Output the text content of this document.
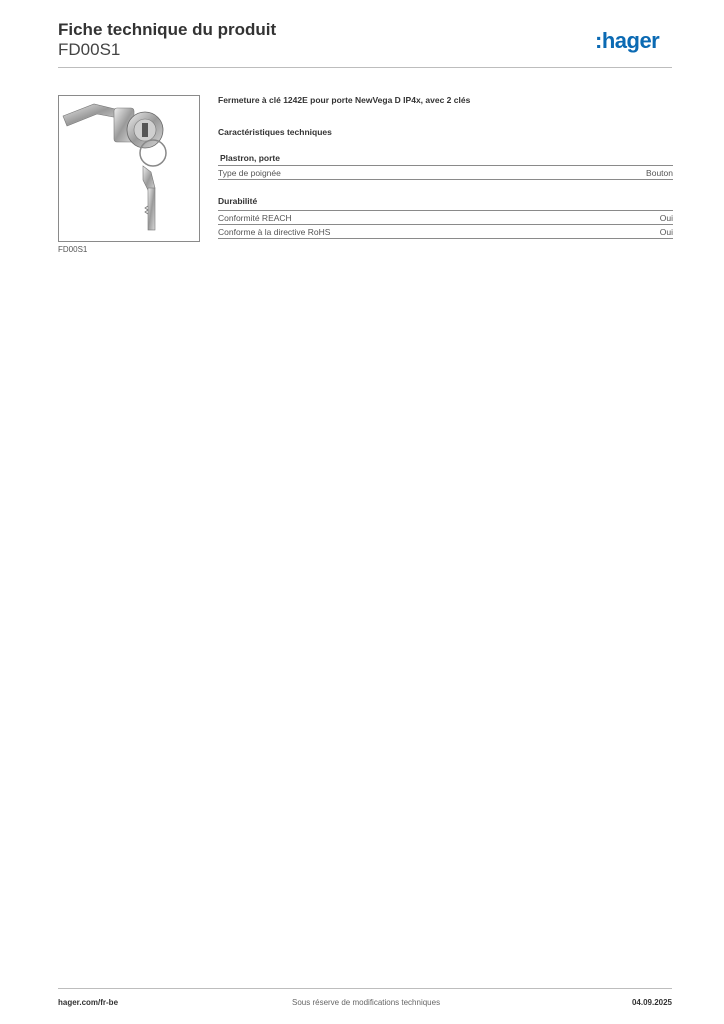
Fiche technique du produit
FD00S1	:hager
FD00S1
Fermeture à clé 1242E pour porte NewVega D IP4x, avec 2 clés
Caractéristiques techniques
Plastron, porte
Type de poignée	Bouton
Durabilité
Conformité REACH	Oui
Conforme à la directive RoHS	Oui
hager.com/fr-be	Sous réserve de modifications techniques	04.09.2025
